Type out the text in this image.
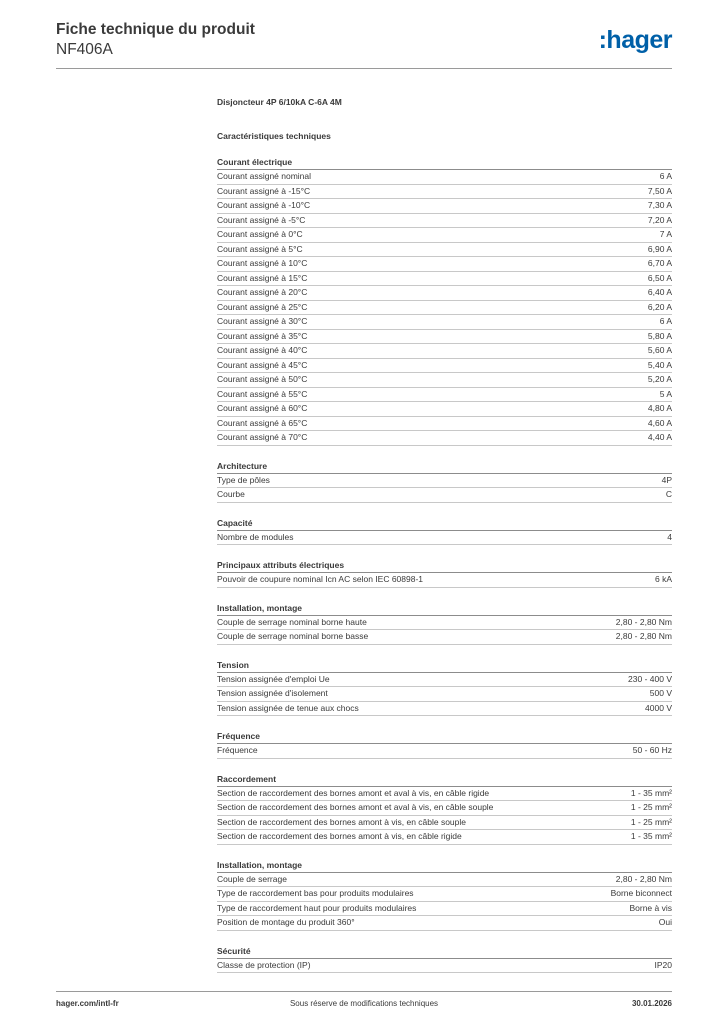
Fiche technique du produit
NF406A	:hager
Disjoncteur 4P 6/10kA C-6A 4M
Caractéristiques techniques
Courant électrique
Courant assigné nominal	6 A
Courant assigné à -15°C	7,50 A
Courant assigné à -10°C	7,30 A
Courant assigné à -5°C	7,20 A
Courant assigné à 0°C	7 A
Courant assigné à 5°C	6,90 A
Courant assigné à 10°C	6,70 A
Courant assigné à 15°C	6,50 A
Courant assigné à 20°C	6,40 A
Courant assigné à 25°C	6,20 A
Courant assigné à 30°C	6 A
Courant assigné à 35°C	5,80 A
Courant assigné à 40°C	5,60 A
Courant assigné à 45°C	5,40 A
Courant assigné à 50°C	5,20 A
Courant assigné à 55°C	5 A
Courant assigné à 60°C	4,80 A
Courant assigné à 65°C	4,60 A
Courant assigné à 70°C	4,40 A
Architecture
Type de pôles	4P
Courbe	C
Capacité
Nombre de modules	4
Principaux attributs électriques
Pouvoir de coupure nominal Icn AC selon IEC 60898-1	6 kA
Installation, montage
Couple de serrage nominal borne haute	2,80 - 2,80 Nm
Couple de serrage nominal borne basse	2,80 - 2,80 Nm
Tension
Tension assignée d'emploi Ue	230 - 400 V
Tension assignée d'isolement	500 V
Tension assignée de tenue aux chocs	4000 V
Fréquence
Fréquence	50 - 60 Hz
Raccordement
Section de raccordement des bornes amont et aval à vis, en câble rigide	1 - 35 mm²
Section de raccordement des bornes amont et aval à vis, en câble souple	1 - 25 mm²
Section de raccordement des bornes amont à vis, en câble souple	1 - 25 mm²
Section de raccordement des bornes amont à vis, en câble rigide	1 - 35 mm²
Installation, montage
Couple de serrage	2,80 - 2,80 Nm
Type de raccordement bas pour produits modulaires	Borne biconnect
Type de raccordement haut pour produits modulaires	Borne à vis
Position de montage du produit 360°	Oui
Sécurité
Classe de protection (IP)	IP20
hager.com/intl-fr	Sous réserve de modifications techniques	30.01.2026
